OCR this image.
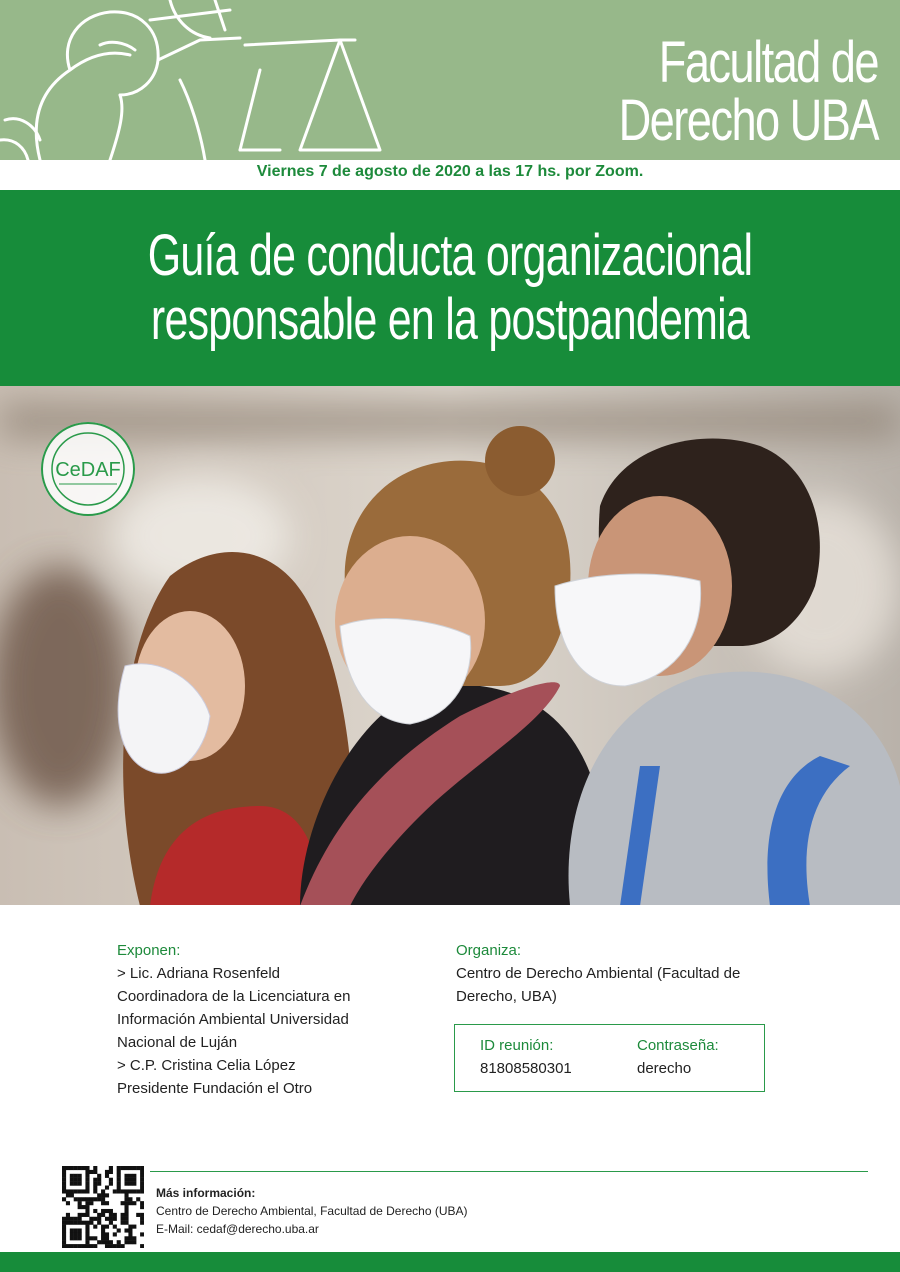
Facultad de Derecho UBA
Viernes 7 de agosto de 2020 a las 17 hs. por Zoom.
Guía de conducta organizacional
responsable en la postpandemia
CeDAF
Exponen:
> Lic. Adriana Rosenfeld
Coordinadora de la Licenciatura en
Información Ambiental Universidad
Nacional de Luján
> C.P. Cristina Celia López
Presidente Fundación el Otro
Organiza:
Centro de Derecho Ambiental (Facultad de
Derecho, UBA)
ID reunión:
81808580301
Contraseña:
derecho
Más información:
Centro de Derecho Ambiental, Facultad de Derecho (UBA)
E-Mail: cedaf@derecho.uba.ar
